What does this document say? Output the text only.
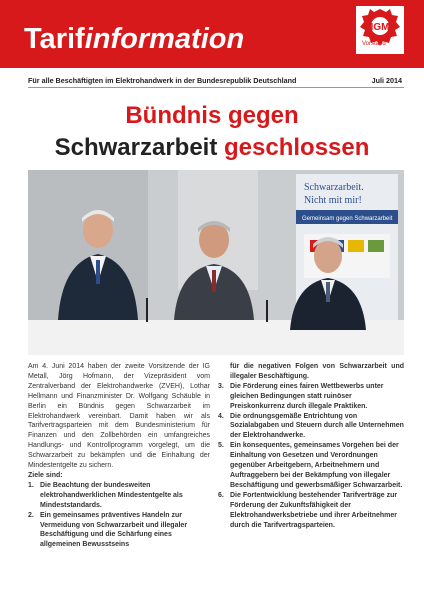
Tarifinformation	IGM
Vorstand
Für alle Beschäftigten im Elektrohandwerk in der Bundesrepublik Deutschland	Juli 2014
Bündnis gegen
Schwarzarbeit geschlossen
Schwarzarbeit.
Nicht mit mir!
Gemeinsam gegen Schwarzarbeit

Am 4. Juni 2014 haben der zweite Vorsitzende der IG Metall, Jörg Hofmann, der Vizepräsident vom Zentralverband der Elektrohandwerke (ZVEH), Lothar Hellmann und Finanzminister Dr. Wolfgang Schäuble in Berlin ein Bündnis gegen Schwarzarbeit im Elektrohandwerk vereinbart. Damit haben wir als Tarifvertragsparteien mit dem Bundesministerium für Finanzen und den Zollbehörden ein umfangreiches Handlungs- und Kontrollprogramm vorgelegt, um die Schwarzarbeit zu bekämpfen und die Einhaltung der Mindestentgelte zu sichern.

Ziele sind:

1. Die Beachtung der bundesweiten elektrohandwerklichen Mindestentgelte als Mindeststandards.
2. Ein gemeinsames präventives Handeln zur Vermeidung von Schwarzarbeit und illegaler Beschäftigung und die Schärfung eines allgemeinen Bewusstseins

für die negativen Folgen von Schwarzarbeit und illegaler Beschäftigung.

3. Die Förderung eines fairen Wettbewerbs unter gleichen Bedingungen statt ruinöser Preiskonkurrenz durch illegale Praktiken.
4. Die ordnungsgemäße Entrichtung von Sozialabgaben und Steuern durch alle Unternehmen der Elektrohandwerke.
5. Ein konsequentes, gemeinsames Vorgehen bei der Einhaltung von Gesetzen und Verordnungen gegenüber Arbeitgebern, Arbeitnehmern und Auftraggebern bei der Bekämpfung von illegaler Beschäftigung und gewerbsmäßiger Schwarzarbeit.
6. Die Fortentwicklung bestehender Tarifverträge zur Förderung der Zukunftsfähigkeit der Elektrohandwerksbetriebe und ihrer Arbeitnehmer durch die Tarifvertragsparteien.
